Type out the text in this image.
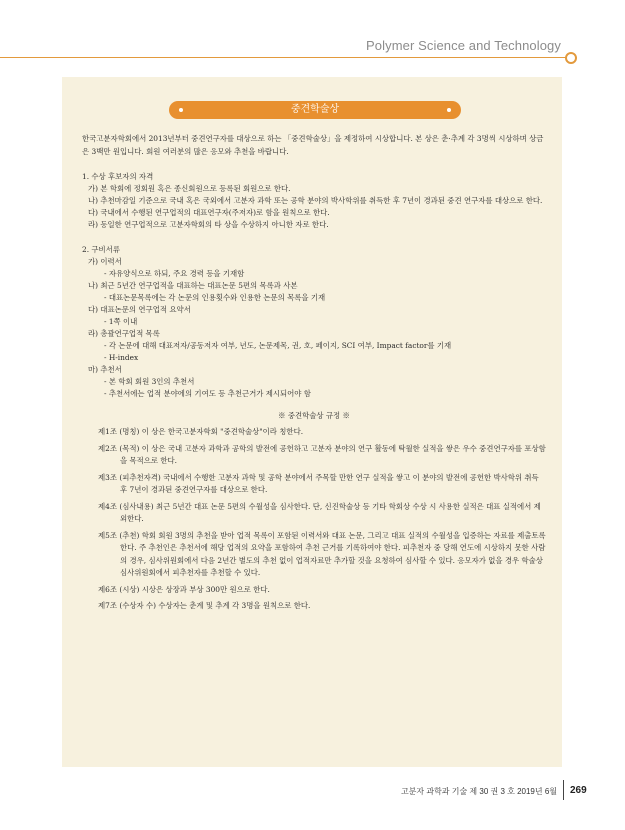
Polymer Science and Technology
중견학술상

한국고분자학회에서 2013년부터 중견연구자를 대상으로 하는 「중견학술상」을 제정하여 시상합니다. 본 상은 춘·추계 각 3명씩 시상하며 상금은 3백만 원입니다. 회원 여러분의 많은 응모와 추천을 바랍니다.

1. 수상 후보자의 자격

가) 본 학회에 정회원 혹은 종신회원으로 등록된 회원으로 한다.

나) 추천마감일 기준으로 국내 혹은 국외에서 고분자 과학 또는 공학 분야의 박사학위를 취득한 후 7년이 경과된 중견 연구자를 대상으로 한다.

다) 국내에서 수행된 연구업적의 대표연구자(주저자)로 함을 원칙으로 한다.

라) 동일한 연구업적으로 고분자학회의 타 상을 수상하지 아니한 자로 한다.

2. 구비서류

가) 이력서

- 자유양식으로 하되, 주요 경력 등을 기재함

나) 최근 5년간 연구업적을 대표하는 대표논문 5편의 목록과 사본

- 대표논문목록에는 각 논문의 인용횟수와 인용한 논문의 목록을 기재

다) 대표논문의 연구업적 요약서

- 1쪽 이내

라) 총괄연구업적 목록

- 각 논문에 대해 대표저자/공동저자 여부, 년도, 논문제목, 권, 호, 페이지, SCI 여부, Impact factor를 기재

- H-index

마) 추천서

- 본 학회 회원 3인의 추천서

- 추천서에는 업적 분야에의 기여도 등 추천근거가 제시되어야 함

※ 중견학술상 규정 ※

제1조 (명칭) 이 상은 한국고분자학회 "중견학술상"이라 칭한다.

제2조 (목적) 이 상은 국내 고분자 과학과 공학의 발전에 공헌하고 고분자 분야의 연구 활동에 탁월한 실적을 쌓은 우수 중견연구자를 포상함을 목적으로 한다.

제3조 (피추천자격) 국내에서 수행한 고분자 과학 및 공학 분야에서 주목할 만한 연구 실적을 쌓고 이 분야의 발전에 공헌한 박사학위 취득 후 7년이 경과된 중견연구자를 대상으로 한다.

제4조 (심사내용) 최근 5년간 대표 논문 5편의 수월성을 심사한다. 단, 신진학술상 등 기타 학회상 수상 시 사용한 실적은 대표 실적에서 제외한다.

제5조 (추천) 학회 회원 3명의 추천을 받아 업적 목록이 포함된 이력서와 대표 논문, 그리고 대표 실적의 수월성을 입증하는 자료를 제출토록 한다. 주 추천인은 추천서에 해당 업적의 요약을 포함하여 추천 근거를 기록하여야 한다. 피추천자 중 당해 연도에 시상하지 못한 사람의 경우, 심사위원회에서 다음 2년간 별도의 추천 없이 업적자료만 추가할 것을 요청하여 심사할 수 있다. 응모자가 없을 경우 학술상 심사위원회에서 피추천자를 추천할 수 있다.

제6조 (시상) 시상은 상장과 부상 300만 원으로 한다.

제7조 (수상자 수) 수상자는 춘계 및 추계 각 3명을 원칙으로 한다.

고분자 과학과 기술 제 30 권 3 호 2019년 6월 269
